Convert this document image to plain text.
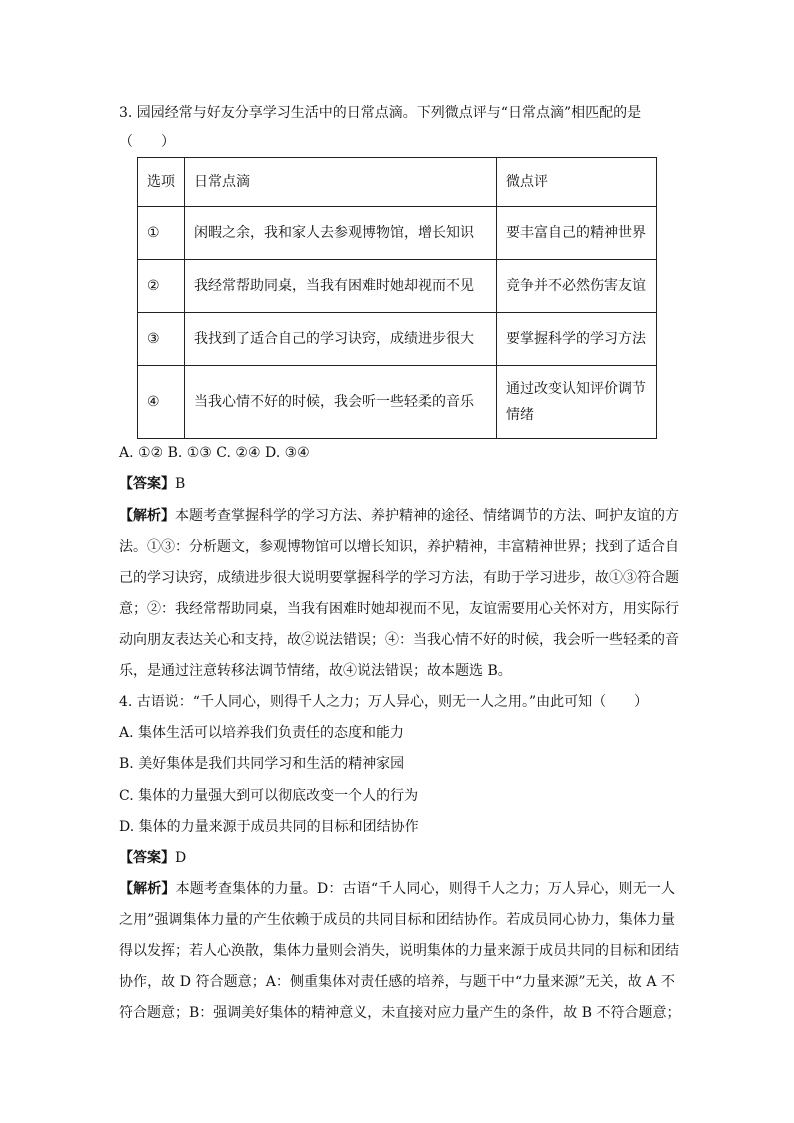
3. 园园经常与好友分享学习生活中的日常点滴。下列微点评与“日常点滴”相匹配的是
（　　）
选项	日常点滴	微点评
①	闲暇之余，我和家人去参观博物馆，增长知识	要丰富自己的精神世界
②	我经常帮助同桌，当我有困难时她却视而不见	竞争并不必然伤害友谊
③	我找到了适合自己的学习诀窍，成绩进步很大	要掌握科学的学习方法
④	当我心情不好的时候，我会听一些轻柔的音乐	通过改变认知评价调节
情绪
A. ①② B. ①③ C. ②④ D. ③④
【答案】B
【解析】本题考查掌握科学的学习方法、养护精神的途径、情绪调节的方法、呵护友谊的方
法。①③：分析题文，参观博物馆可以增长知识，养护精神，丰富精神世界；找到了适合自
己的学习诀窍，成绩进步很大说明要掌握科学的学习方法，有助于学习进步，故①③符合题
意；②：我经常帮助同桌，当我有困难时她却视而不见，友谊需要用心关怀对方，用实际行
动向朋友表达关心和支持，故②说法错误；④：当我心情不好的时候，我会听一些轻柔的音
乐，是通过注意转移法调节情绪，故④说法错误；故本题选 B。
4. 古语说：“千人同心，则得千人之力；万人异心，则无一人之用。”由此可知（　　）
A. 集体生活可以培养我们负责任的态度和能力
B. 美好集体是我们共同学习和生活的精神家园
C. 集体的力量强大到可以彻底改变一个人的行为
D. 集体的力量来源于成员共同的目标和团结协作
【答案】D
【解析】本题考查集体的力量。D：古语“千人同心，则得千人之力；万人异心，则无一人
之用”强调集体力量的产生依赖于成员的共同目标和团结协作。若成员同心协力，集体力量
得以发挥；若人心涣散，集体力量则会消失，说明集体的力量来源于成员共同的目标和团结
协作，故 D 符合题意；A：侧重集体对责任感的培养，与题干中“力量来源”无关，故 A 不
符合题意；B：强调美好集体的精神意义，未直接对应力量产生的条件，故 B 不符合题意；
